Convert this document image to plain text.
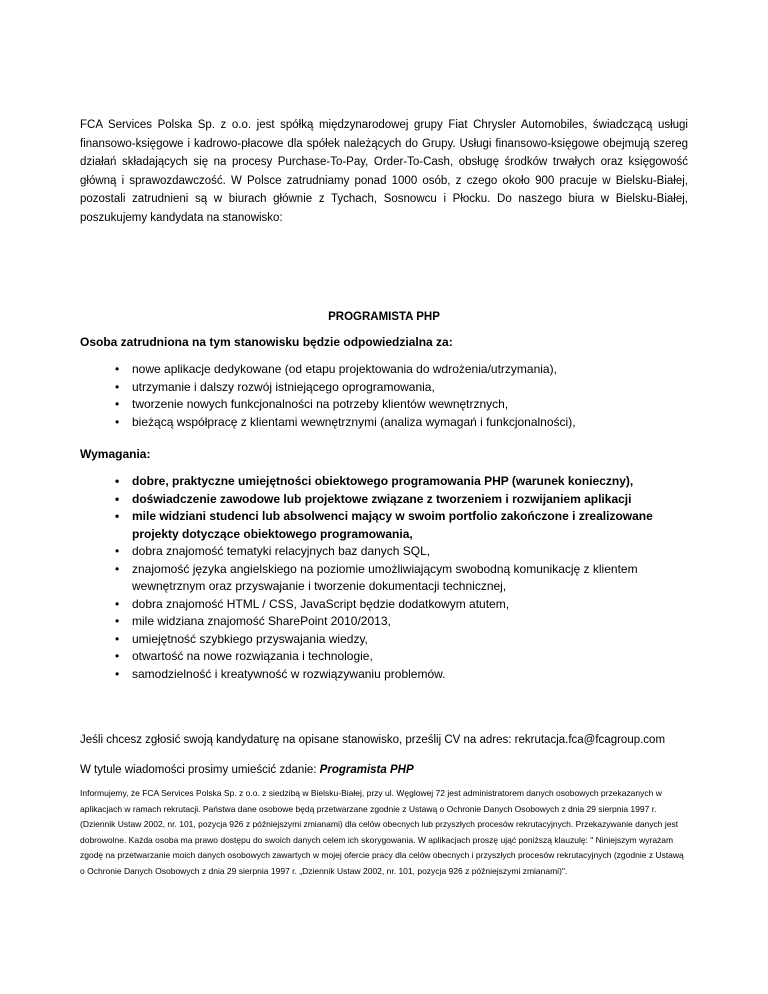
FCA Services Polska Sp. z o.o. jest spółką międzynarodowej grupy Fiat Chrysler Automobiles, świadczącą usługi finansowo-księgowe i kadrowo-płacowe dla spółek należących do Grupy. Usługi finansowo-księgowe obejmują szereg działań składających się na procesy Purchase-To-Pay, Order-To-Cash, obsługę środków trwałych oraz księgowość główną i sprawozdawczość. W Polsce zatrudniamy ponad 1000 osób, z czego około 900 pracuje w Bielsku-Białej, pozostali zatrudnieni są w biurach głównie z Tychach, Sosnowcu i Płocku. Do naszego biura w Bielsku-Białej, poszukujemy kandydata na stanowisko:

PROGRAMISTA PHP

Osoba zatrudniona na tym stanowisku będzie odpowiedzialna za:

• nowe aplikacje dedykowane (od etapu projektowania do wdrożenia/utrzymania),
• utrzymanie i dalszy rozwój istniejącego oprogramowania,
• tworzenie nowych funkcjonalności na potrzeby klientów wewnętrznych,
• bieżącą współpracę z klientami wewnętrznymi (analiza wymagań i funkcjonalności),

Wymagania:

• dobre, praktyczne umiejętności obiektowego programowania PHP (warunek konieczny),
• doświadczenie zawodowe lub projektowe związane z tworzeniem i rozwijaniem aplikacji
• mile widziani studenci lub absolwenci mający w swoim portfolio zakończone i zrealizowane projekty dotyczące obiektowego programowania,
• dobra znajomość tematyki relacyjnych baz danych SQL,
• znajomość języka angielskiego na poziomie umożliwiającym swobodną komunikację z klientem wewnętrznym oraz przyswajanie i tworzenie dokumentacji technicznej,
• dobra znajomość HTML / CSS, JavaScript będzie dodatkowym atutem,
• mile widziana znajomość SharePoint 2010/2013,
• umiejętność szybkiego przyswajania wiedzy,
• otwartość na nowe rozwiązania i technologie,
• samodzielność i kreatywność w rozwiązywaniu problemów.

Jeśli chcesz zgłosić swoją kandydaturę na opisane stanowisko, prześlij CV na adres: rekrutacja.fca@fcagroup.com

W tytule wiadomości prosimy umieścić zdanie: Programista PHP

Informujemy, że FCA Services Polska Sp. z o.o. z siedzibą w Bielsku-Białej, przy ul. Węglowej 72 jest administratorem danych osobowych przekazanych w aplikacjach w ramach rekrutacji. Państwa dane osobowe będą przetwarzane zgodnie z Ustawą o Ochronie Danych Osobowych z dnia 29 sierpnia 1997 r. (Dziennik Ustaw 2002, nr. 101, pozycja 926 z późniejszymi zmianami) dla celów obecnych lub przyszłych procesów rekrutacyjnych. Przekazywanie danych jest dobrowolne. Każda osoba ma prawo dostępu do swoich danych celem ich skorygowania. W aplikacjach proszę ująć poniższą klauzulę: " Niniejszym wyrażam zgodę na przetwarzanie moich danych osobowych zawartych w mojej ofercie pracy dla celów obecnych i przyszłych procesów rekrutacyjnych (zgodnie z Ustawą o Ochronie Danych Osobowych z dnia 29 sierpnia 1997 r. „Dziennik Ustaw 2002, nr. 101, pozycja 926 z późniejszymi zmianami)".
